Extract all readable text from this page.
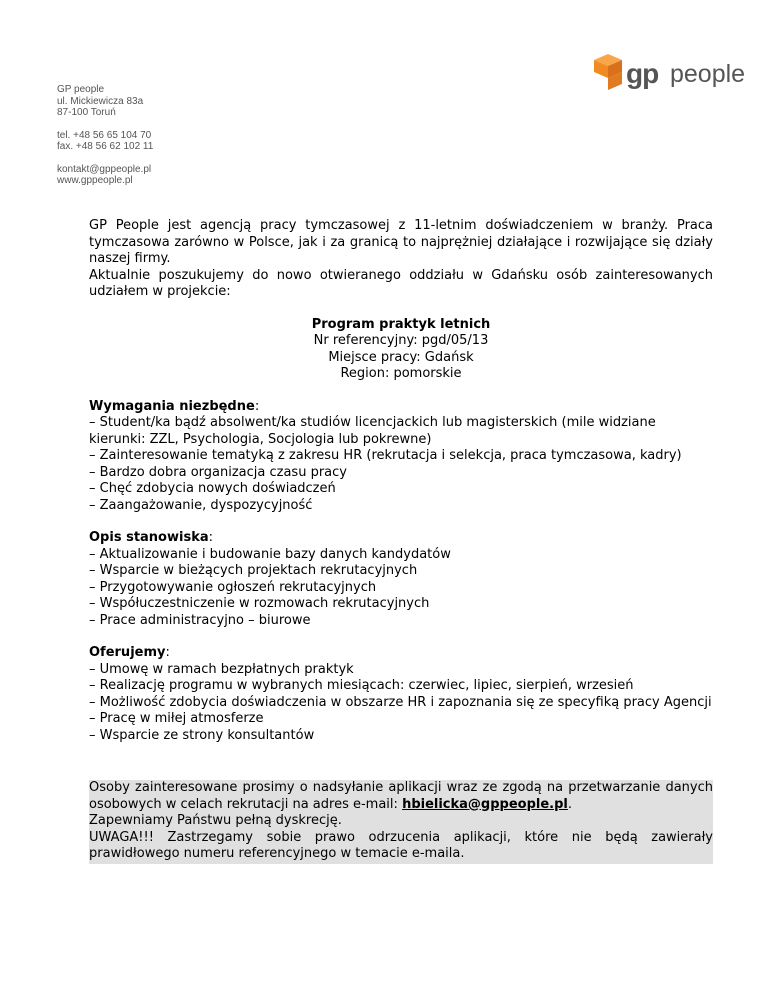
GP people
ul. Mickiewicza 83a
87-100 Toruń
tel. +48 56 65 104 70
fax. +48 56 62 102 11
kontakt@gppeople.pl
www.gppeople.pl
gp people

GP People jest agencją pracy tymczasowej z 11-letnim doświadczeniem w branży. Praca tymczasowa zarówno w Polsce, jak i za granicą to najprężniej działające i rozwijające się działy naszej firmy.

Aktualnie poszukujemy do nowo otwieranego oddziału w Gdańsku osób zainteresowanych udziałem w projekcie:

Program praktyk letnich
Nr referencyjny: pgd/05/13
Miejsce pracy: Gdańsk
Region: pomorskie
Wymagania niezbędne:
– Student/ka bądź absolwent/ka studiów licencjackich lub magisterskich (mile widziane kierunki: ZZL, Psychologia, Socjologia lub pokrewne)
– Zainteresowanie tematyką z zakresu HR (rekrutacja i selekcja, praca tymczasowa, kadry)
– Bardzo dobra organizacja czasu pracy
– Chęć zdobycia nowych doświadczeń
– Zaangażowanie, dyspozycyjność
Opis stanowiska:
– Aktualizowanie i budowanie bazy danych kandydatów
– Wsparcie w bieżących projektach rekrutacyjnych
– Przygotowywanie ogłoszeń rekrutacyjnych
– Współuczestniczenie w rozmowach rekrutacyjnych
– Prace administracyjno – biurowe
Oferujemy:
– Umowę w ramach bezpłatnych praktyk
– Realizację programu w wybranych miesiącach: czerwiec, lipiec, sierpień, wrzesień
– Możliwość zdobycia doświadczenia w obszarze HR i zapoznania się ze specyfiką pracy Agencji
– Pracę w miłej atmosferze
– Wsparcie ze strony konsultantów
Osoby zainteresowane prosimy o nadsyłanie aplikacji wraz ze zgodą na przetwarzanie danych osobowych w celach rekrutacji na adres e-mail: hbielicka@gppeople.pl.
Zapewniamy Państwu pełną dyskrecję.
UWAGA!!! Zastrzegamy sobie prawo odrzucenia aplikacji, które nie będą zawierały prawidłowego numeru referencyjnego w temacie e-maila.
